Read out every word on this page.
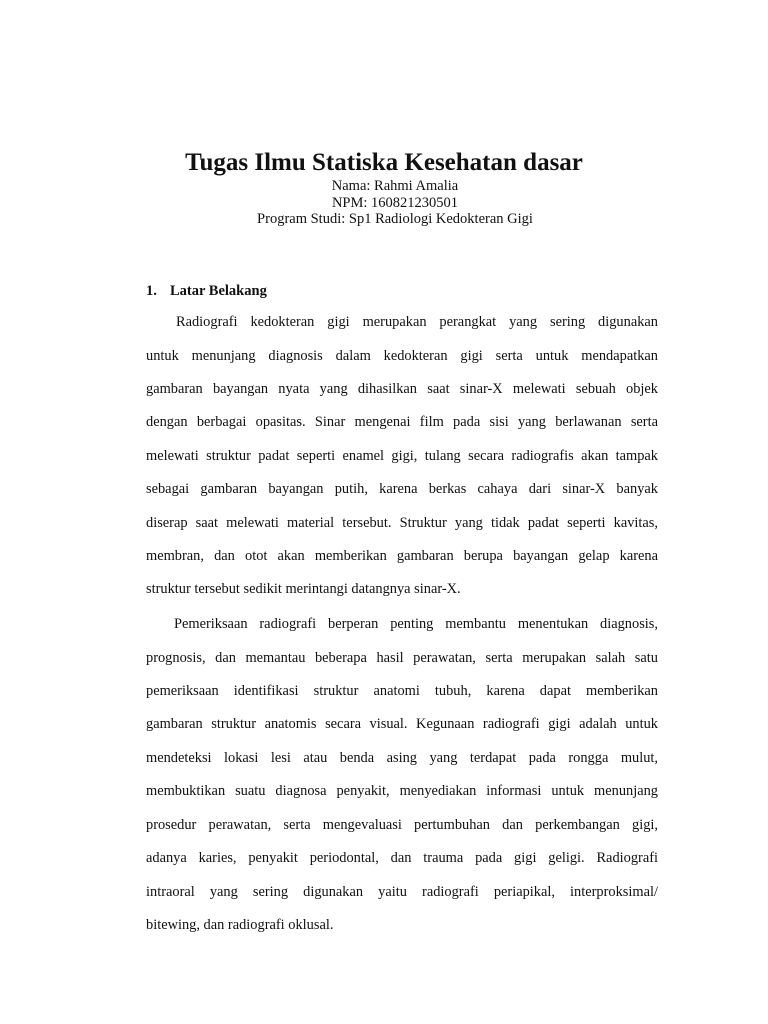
Tugas Ilmu Statiska Kesehatan dasar

Nama: Rahmi Amalia

NPM: 160821230501

Program Studi: Sp1 Radiologi Kedokteran Gigi

1. Latar Belakang

Radiografi kedokteran gigi merupakan perangkat yang sering digunakan

untuk menunjang diagnosis dalam kedokteran gigi serta untuk mendapatkan

gambaran bayangan nyata yang dihasilkan saat sinar-X melewati sebuah objek

dengan berbagai opasitas. Sinar mengenai film pada sisi yang berlawanan serta

melewati struktur padat seperti enamel gigi, tulang secara radiografis akan tampak

sebagai gambaran bayangan putih, karena berkas cahaya dari sinar-X banyak

diserap saat melewati material tersebut. Struktur yang tidak padat seperti kavitas,

membran, dan otot akan memberikan gambaran berupa bayangan gelap karena

struktur tersebut sedikit merintangi datangnya sinar-X.

Pemeriksaan radiografi berperan penting membantu menentukan diagnosis,

prognosis, dan memantau beberapa hasil perawatan, serta merupakan salah satu

pemeriksaan identifikasi struktur anatomi tubuh, karena dapat memberikan

gambaran struktur anatomis secara visual. Kegunaan radiografi gigi adalah untuk

mendeteksi lokasi lesi atau benda asing yang terdapat pada rongga mulut,

membuktikan suatu diagnosa penyakit, menyediakan informasi untuk menunjang

prosedur perawatan, serta mengevaluasi pertumbuhan dan perkembangan gigi,

adanya karies, penyakit periodontal, dan trauma pada gigi geligi. Radiografi

intraoral yang sering digunakan yaitu radiografi periapikal, interproksimal/

bitewing, dan radiografi oklusal.
